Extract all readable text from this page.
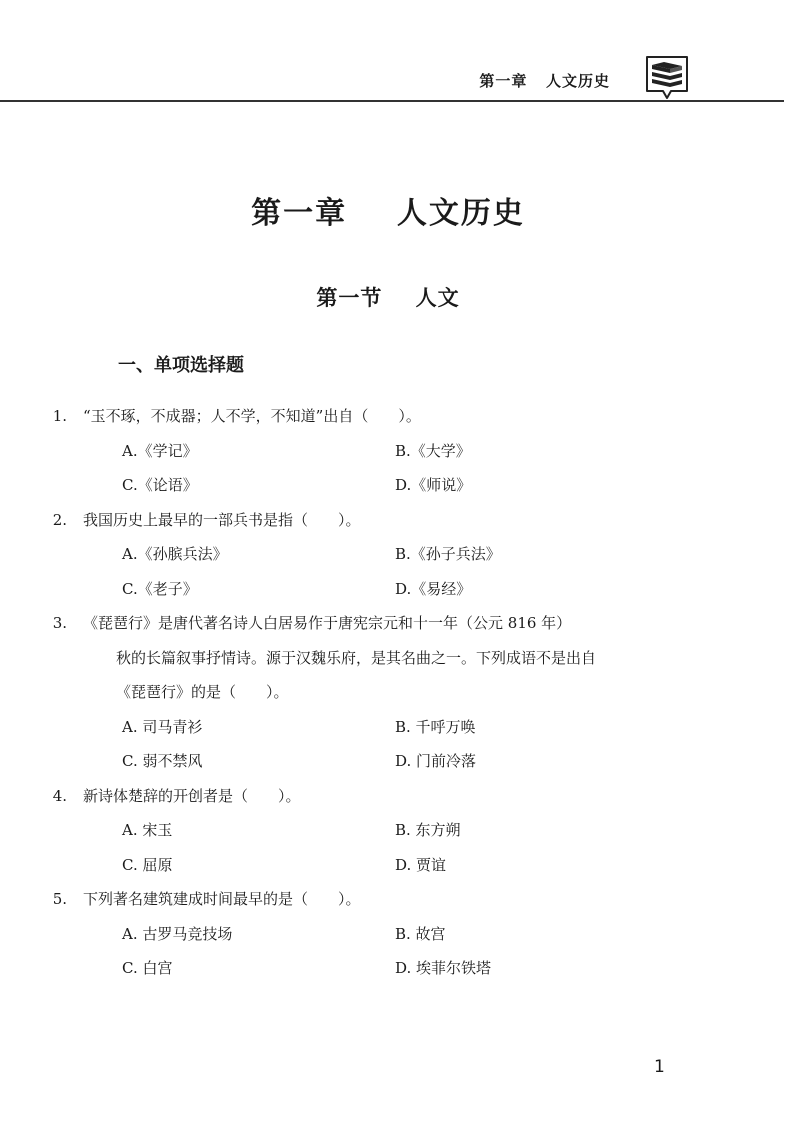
第一章   人文历史
第一章    人文历史
第一节    人文
一、单项选择题
1.	“玉不琢，不成器；人不学，不知道”出自（　　）。
A.《学记》	B.《大学》
C.《论语》	D.《师说》
2.	我国历史上最早的一部兵书是指（　　）。
A.《孙膑兵法》	B.《孙子兵法》
C.《老子》	D.《易经》
3.	《琵琶行》是唐代著名诗人白居易作于唐宪宗元和十一年（公元 816 年）
秋的长篇叙事抒情诗。源于汉魏乐府，是其名曲之一。下列成语不是出自
《琵琶行》的是（　　）。
A. 司马青衫	B. 千呼万唤
C. 弱不禁风	D. 门前冷落
4.	新诗体楚辞的开创者是（　　）。
A. 宋玉	B. 东方朔
C. 屈原	D. 贾谊
5.	下列著名建筑建成时间最早的是（　　）。
A. 古罗马竞技场	B. 故宫
C. 白宫	D. 埃菲尔铁塔
1
